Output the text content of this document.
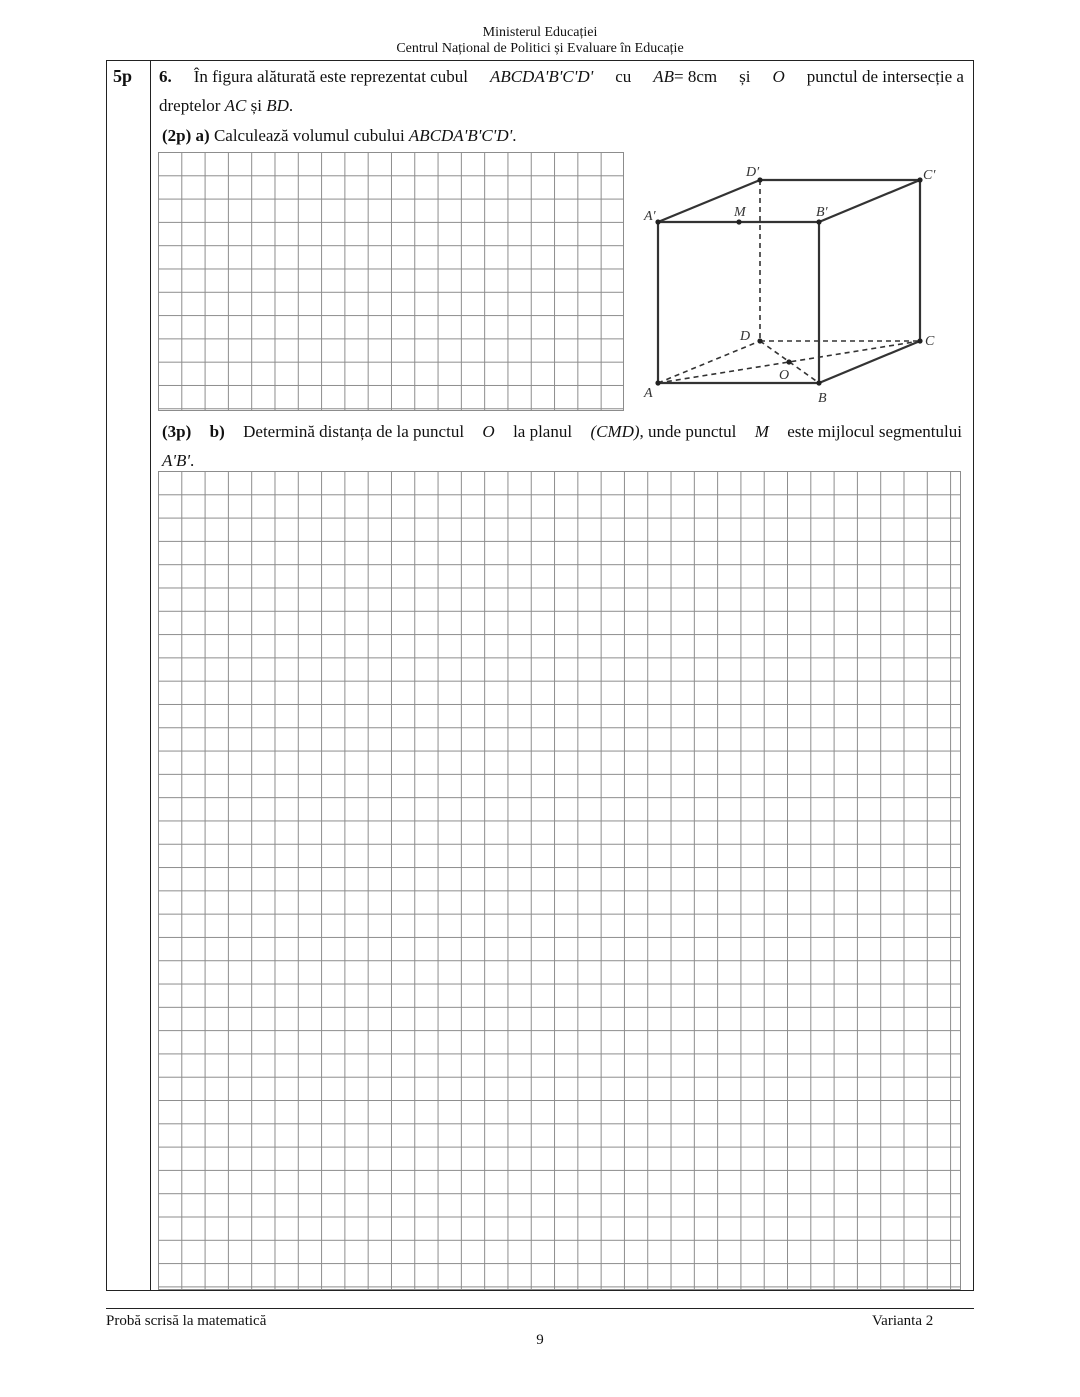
Ministerul Educației
Centrul Național de Politici și Evaluare în Educație
5p 6. În figura alăturată este reprezentat cubul ABCDA'B'C'D' cu AB= 8cm și O punctul de intersecție a
dreptelor AC și BD.
(2p) a) Calculează volumul cubului ABCDA'B'C'D'.
A′	B′
C′
D′
M
D	C
O
A	B
(3p) b) Determină distanța de la punctul O la planul (CMD), unde punctul M este mijlocul segmentului
A'B'.
Probă scrisă la matematică	Varianta 2
9
